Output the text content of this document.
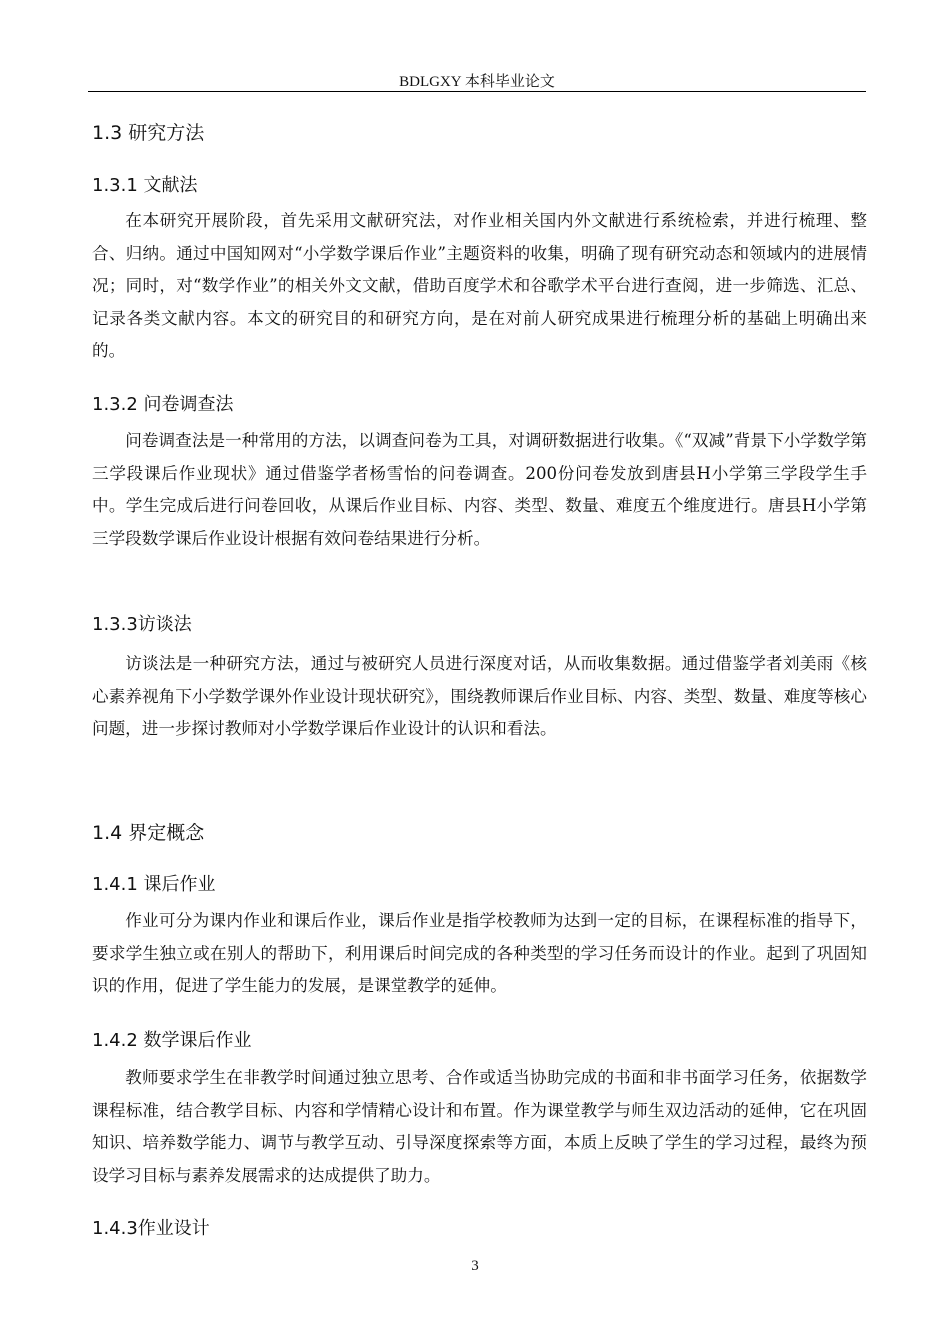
BDLGXY 本科毕业论文
1.3 研究方法
1.3.1 文献法
在本研究开展阶段，首先采用文献研究法，对作业相关国内外文献进行系统检索，并进行梳理、整合、归纳。通过中国知网对“小学数学课后作业”主题资料的收集，明确了现有研究动态和领域内的进展情况；同时，对“数学作业”的相关外文文献，借助百度学术和谷歌学术平台进行查阅，进一步筛选、汇总、记录各类文献内容。本文的研究目的和研究方向，是在对前人研究成果进行梳理分析的基础上明确出来的。
1.3.2 问卷调查法
问卷调查法是一种常用的方法，以调查问卷为工具，对调研数据进行收集。《“双减”背景下小学数学第三学段课后作业现状》通过借鉴学者杨雪怡的问卷调查。200份问卷发放到唐县H小学第三学段学生手中。学生完成后进行问卷回收，从课后作业目标、内容、类型、数量、难度五个维度进行。唐县H小学第三学段数学课后作业设计根据有效问卷结果进行分析。
1.3.3访谈法
访谈法是一种研究方法，通过与被研究人员进行深度对话，从而收集数据。通过借鉴学者刘美雨《核心素养视角下小学数学课外作业设计现状研究》，围绕教师课后作业目标、内容、类型、数量、难度等核心问题，进一步探讨教师对小学数学课后作业设计的认识和看法。
1.4 界定概念
1.4.1 课后作业
作业可分为课内作业和课后作业，课后作业是指学校教师为达到一定的目标，在课程标准的指导下，要求学生独立或在别人的帮助下，利用课后时间完成的各种类型的学习任务而设计的作业。起到了巩固知识的作用，促进了学生能力的发展，是课堂教学的延伸。
1.4.2 数学课后作业
教师要求学生在非教学时间通过独立思考、合作或适当协助完成的书面和非书面学习任务，依据数学课程标准，结合教学目标、内容和学情精心设计和布置。作为课堂教学与师生双边活动的延伸，它在巩固知识、培养数学能力、调节与教学互动、引导深度探索等方面，本质上反映了学生的学习过程，最终为预设学习目标与素养发展需求的达成提供了助力。
1.4.3作业设计
3
